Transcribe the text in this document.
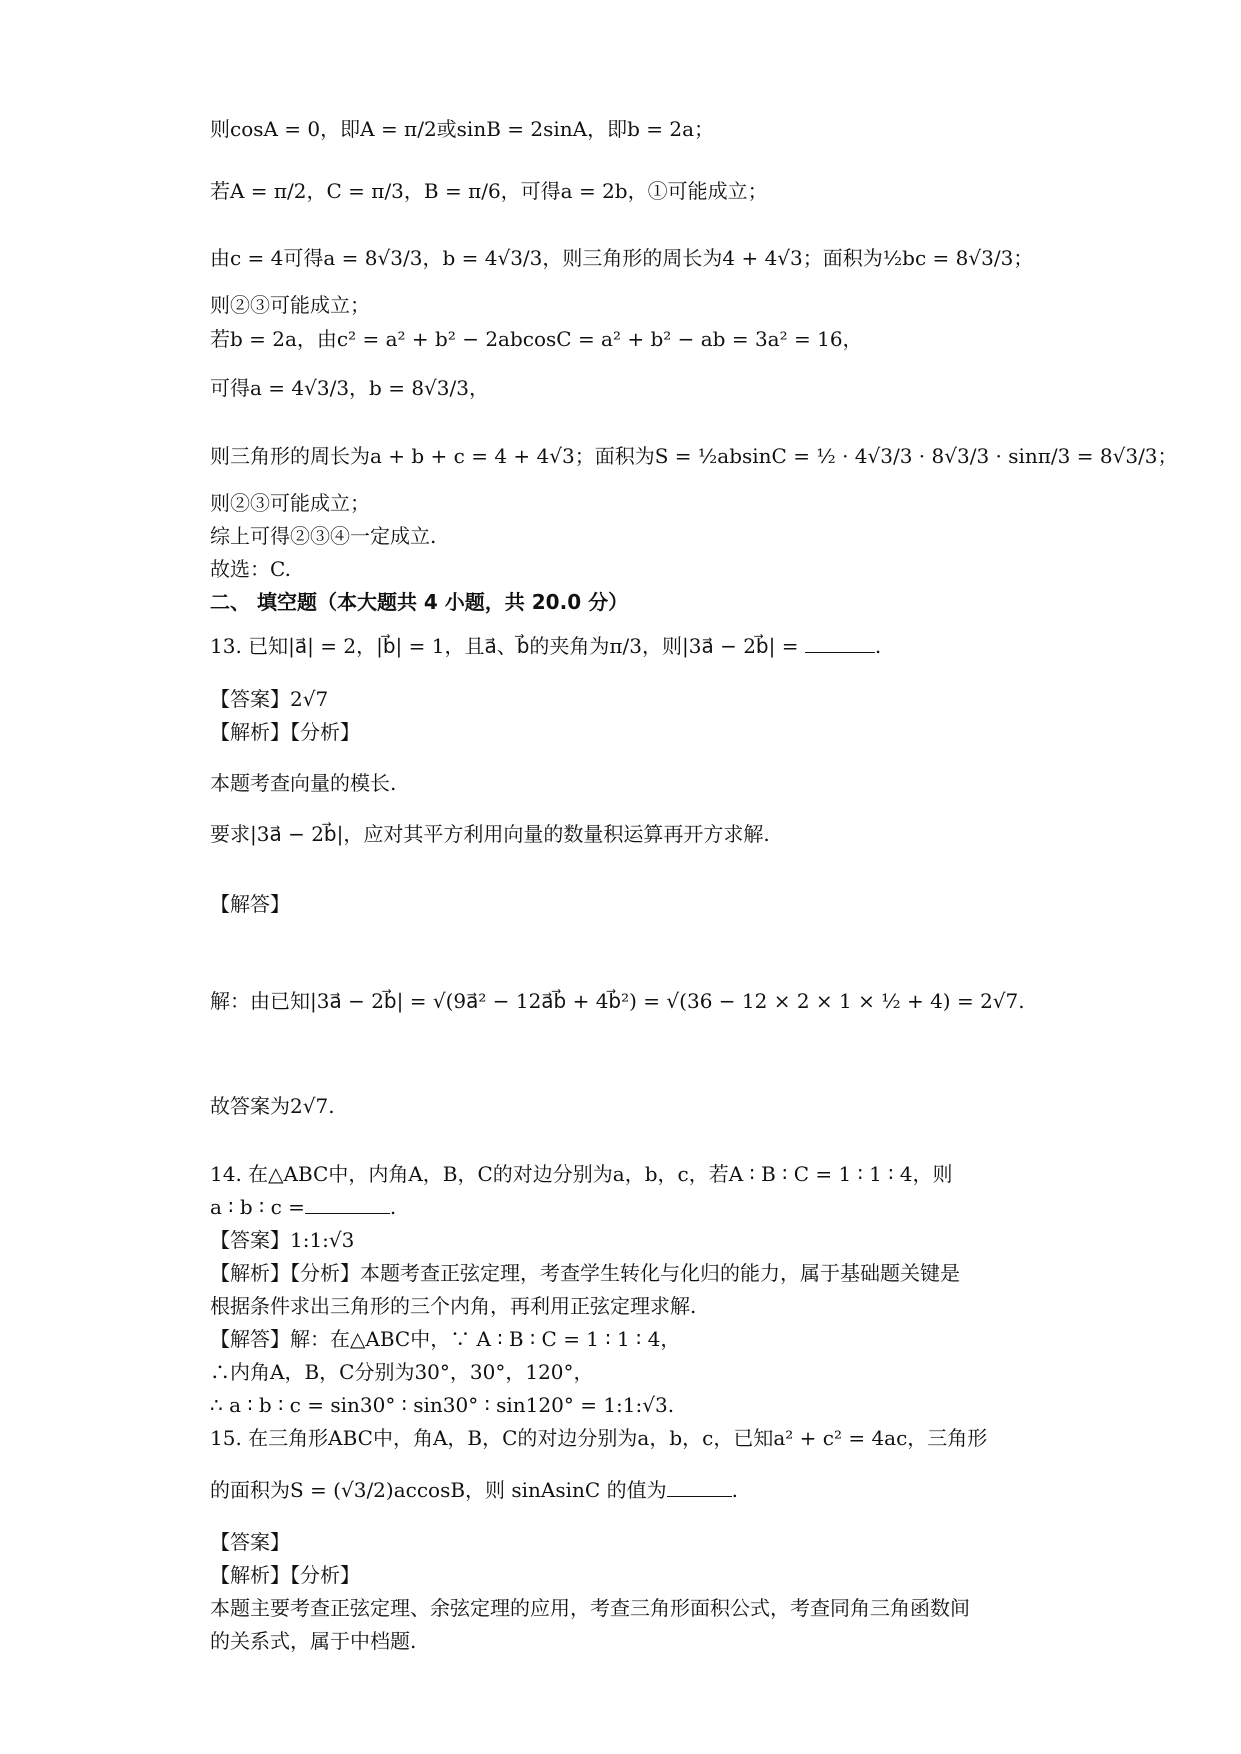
则cosA = 0，即A = π/2或sinB = 2sinA，即b = 2a；
若A = π/2，C = π/3，B = π/6，可得a = 2b，①可能成立；
由c = 4可得a = 8√3/3，b = 4√3/3，则三角形的周长为4 + 4√3；面积为½bc = 8√3/3；
则②③可能成立；
若b = 2a，由c² = a² + b² − 2abcosC = a² + b² − ab = 3a² = 16，
可得a = 4√3/3，b = 8√3/3，
则三角形的周长为a + b + c = 4 + 4√3；面积为S = ½absinC = ½ · 4√3/3 · 8√3/3 · sinπ/3 = 8√3/3；
则②③可能成立；
综上可得②③④一定成立.
故选：C.
二、 填空题（本大题共 4 小题，共 20.0 分）
13. 已知|a⃗| = 2，|b⃗| = 1，且a⃗、b⃗的夹角为π/3，则|3a⃗ − 2b⃗| =	.
【答案】2√7
【解析】【分析】
本题考查向量的模长.
要求|3a⃗ − 2b⃗|，应对其平方利用向量的数量积运算再开方求解.
【解答】
解：由已知|3a⃗ − 2b⃗| = √(9a⃗² − 12a⃗b⃗ + 4b⃗²) = √(36 − 12 × 2 × 1 × ½ + 4) = 2√7.
故答案为2√7.
14. 在△ABC中，内角A，B，C的对边分别为a，b，c，若A ∶ B ∶ C = 1 ∶ 1 ∶ 4，则
a ∶ b ∶ c =	.
【答案】1:1:√3
【解析】【分析】本题考查正弦定理，考查学生转化与化归的能力，属于基础题关键是
根据条件求出三角形的三个内角，再利用正弦定理求解.
【解答】解：在△ABC中，∵ A ∶ B ∶ C = 1 ∶ 1 ∶ 4，
∴内角A，B，C分别为30°，30°，120°，
∴ a ∶ b ∶ c = sin30° ∶ sin30° ∶ sin120° = 1:1:√3.
15. 在三角形ABC中，角A，B，C的对边分别为a，b，c，已知a² + c² = 4ac，三角形
的面积为S = (√3/2)accosB，则 sinAsinC 的值为	.
【答案】
【解析】【分析】
本题主要考查正弦定理、余弦定理的应用，考查三角形面积公式，考查同角三角函数间
的关系式，属于中档题.
